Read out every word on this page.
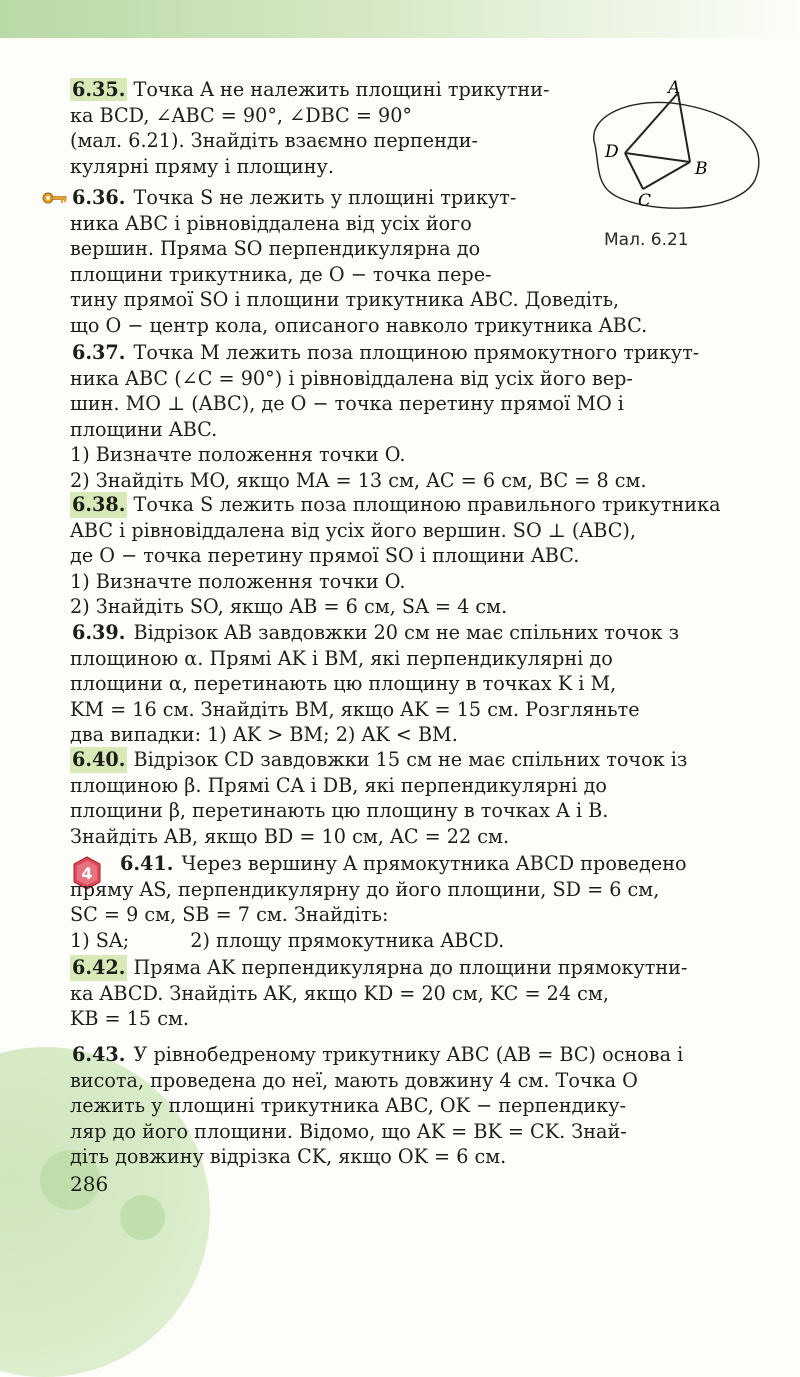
A
B
C
D
Мал. 6.21
4
6.35. Точка A не належить площині трикутни-
ка BCD, ∠ABC = 90°, ∠DBC = 90°
(мал. 6.21). Знайдіть взаємно перпенди-
кулярні пряму і площину.
6.36.
Точка S не лежить у площині трикут-
ника ABC і рівновіддалена від усіх його
вершин. Пряма SO перпендикулярна до
площини трикутника, де O − точка пере-
тину прямої SO і площини трикутника ABC. Доведіть,
що O − центр кола, описаного навколо трикутника ABC.
6.37.
Точка M лежить поза площиною прямокутного трикут-
ника ABC (∠C = 90°) і рівновіддалена від усіх його вер-
шин. MO ⊥ (ABC), де O − точка перетину прямої MO і
площини ABC.
1) Визначте положення точки O.
2) Знайдіть MO, якщо MA = 13 см, AC = 6 см, BC = 8 см.
6.38.
Точка S лежить поза площиною правильного трикутника
ABC і рівновіддалена від усіх його вершин. SO ⊥ (ABC),
де O − точка перетину прямої SO і площини ABC.
1) Визначте положення точки O.
2) Знайдіть SO, якщо AB = 6 см, SA = 4 см.
6.39.
Відрізок AB завдовжки 20 см не має спільних точок з
площиною α. Прямі AK і BM, які перпендикулярні до
площини α, перетинають цю площину в точках K і M,
KM = 16 см. Знайдіть BM, якщо AK = 15 см. Розгляньте
два випадки: 1) AK > BM; 2) AK < BM.
6.40.
Відрізок CD завдовжки 15 см не має спільних точок із
площиною β. Прямі CA і DB, які перпендикулярні до
площини β, перетинають цю площину в точках A і B.
Знайдіть AB, якщо BD = 10 см, AC = 22 см.
6.41.
Через вершину A прямокутника ABCD проведено
пряму AS, перпендикулярну до його площини, SD = 6 см,
SC = 9 см, SB = 7 см. Знайдіть:
1) SA;          2) площу прямокутника ABCD.
6.42.
Пряма AK перпендикулярна до площини прямокутни-
ка ABCD. Знайдіть AK, якщо KD = 20 см, KC = 24 см,
KB = 15 см.
6.43.
У рівнобедреному трикутнику ABC (AB = BC) основа і
висота, проведена до неї, мають довжину 4 см. Точка O
лежить у площині трикутника ABC, OK − перпендику-
ляр до його площини. Відомо, що AK = BK = CK. Знай-
діть довжину відрізка CK, якщо OK = 6 см.
286
